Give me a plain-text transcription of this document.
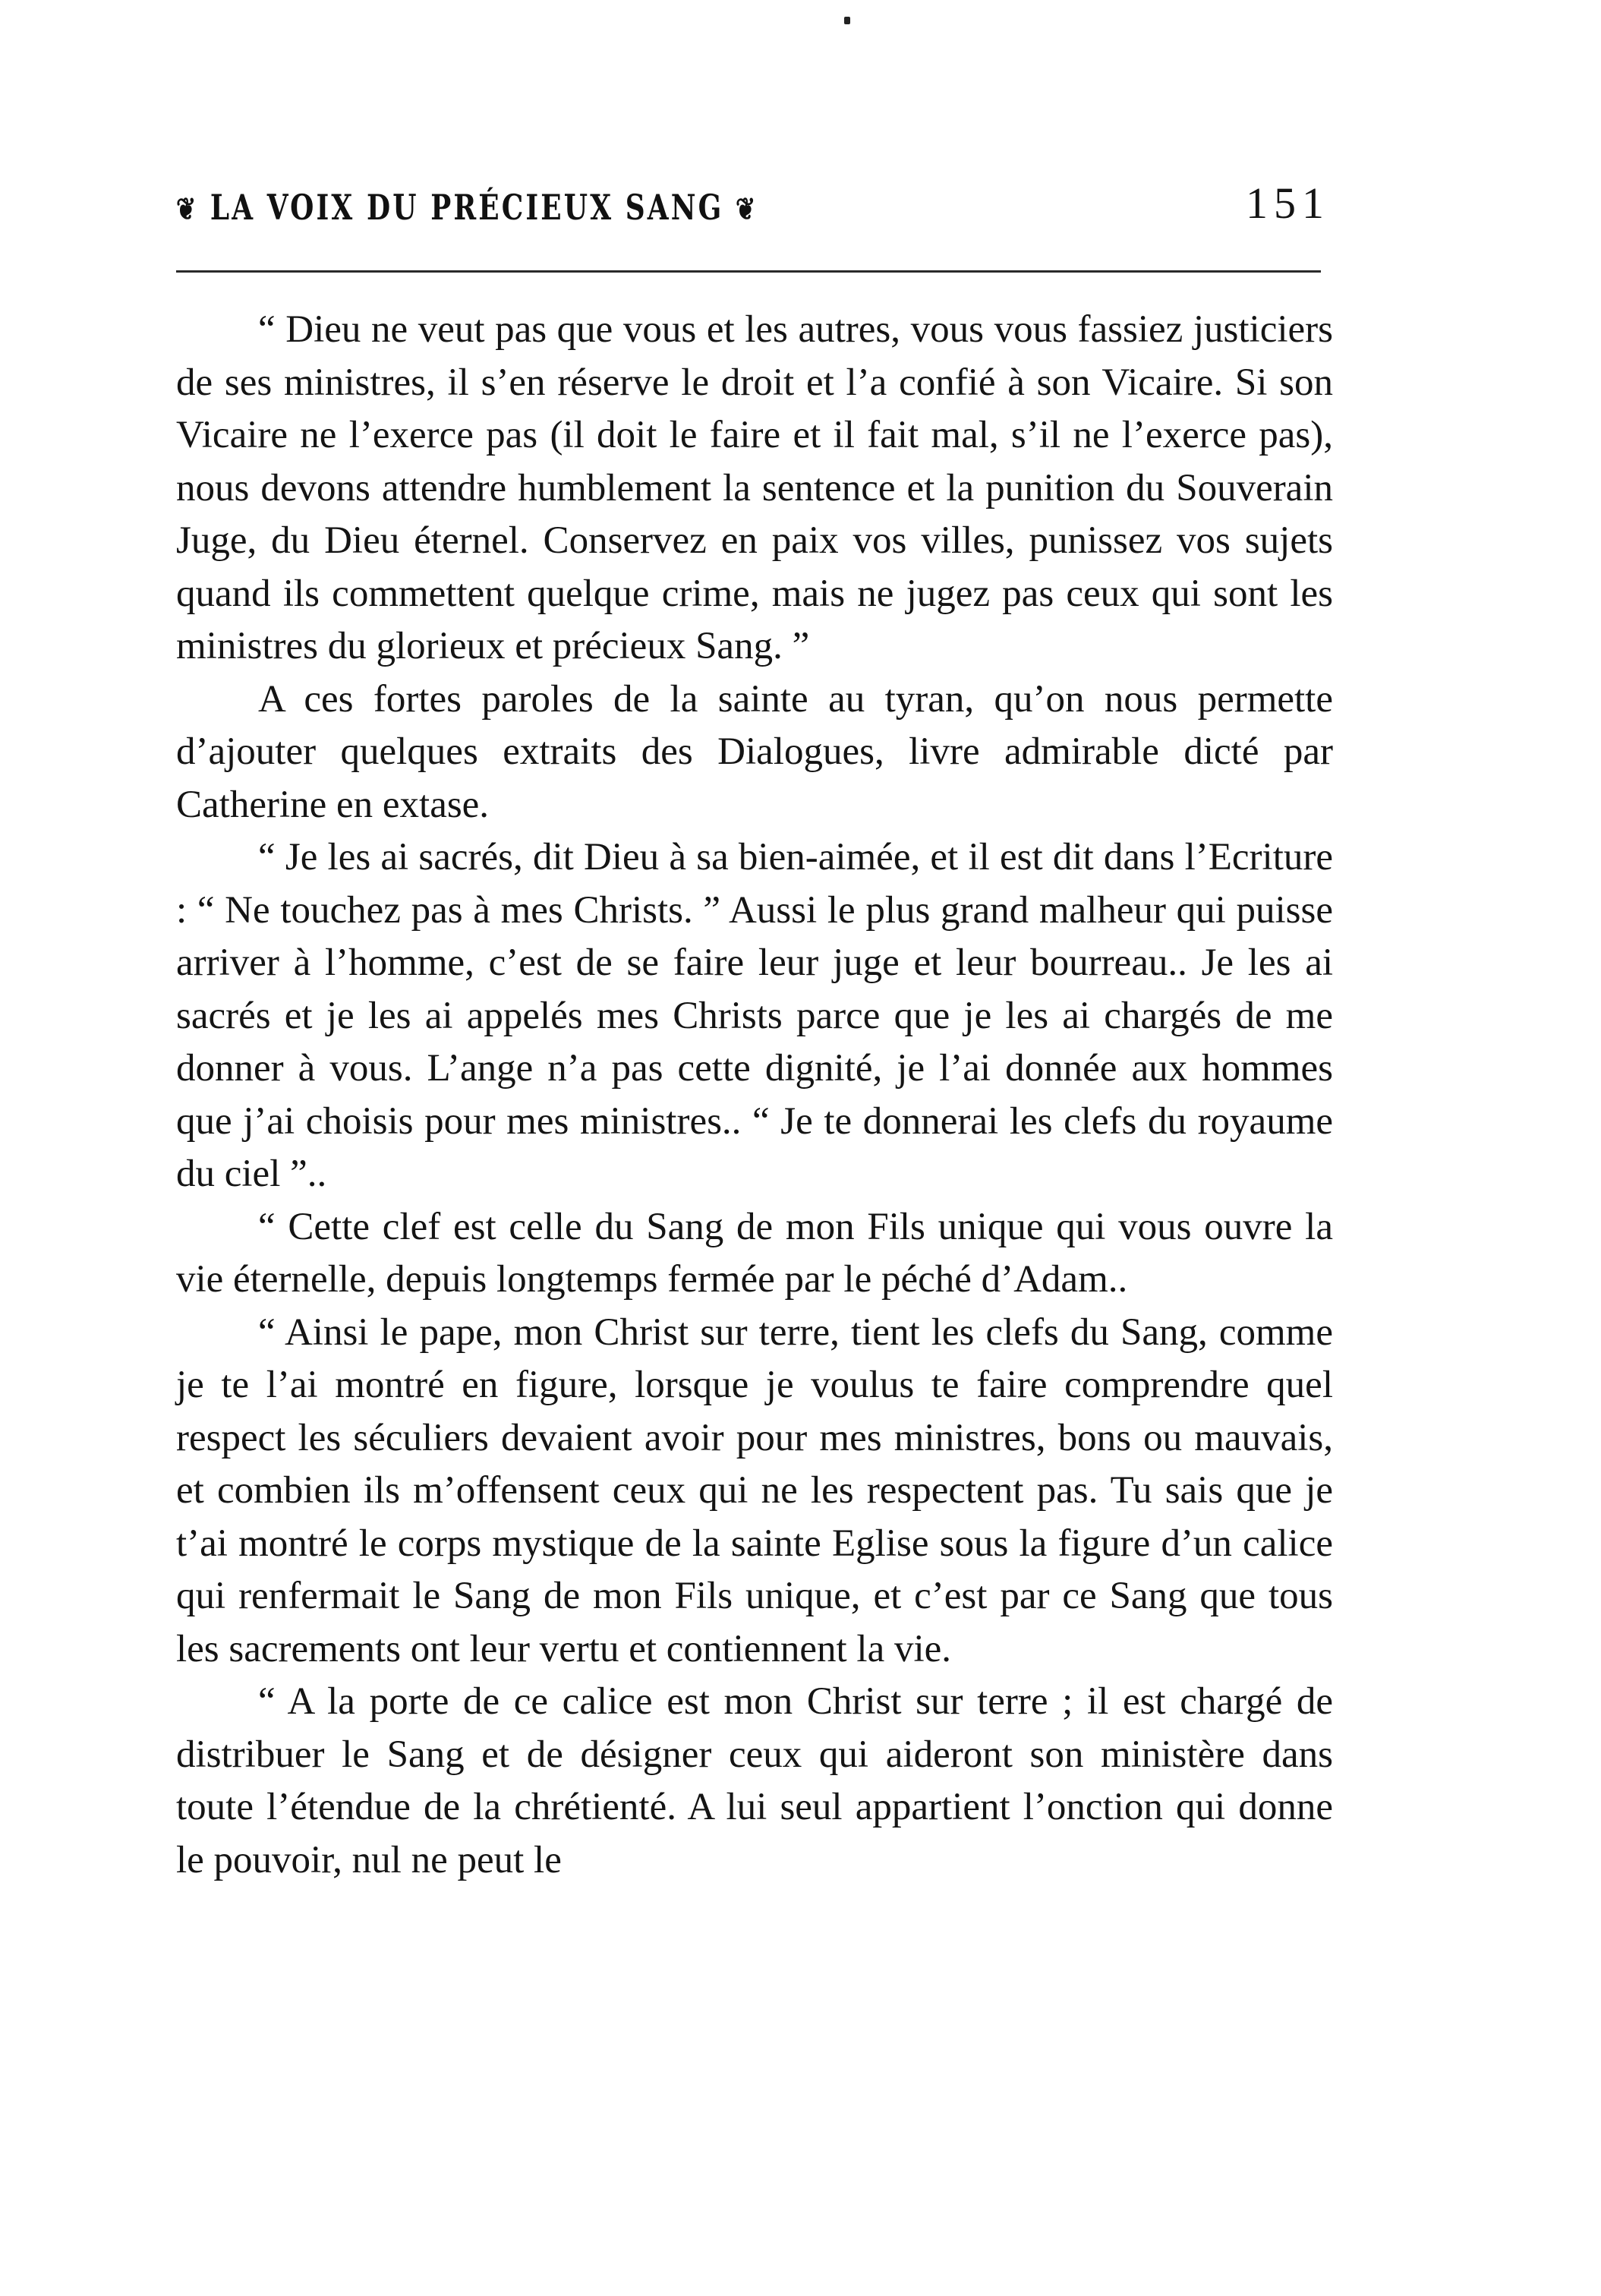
❦ LA VOIX DU PRÉCIEUX SANG ❦	151

“ Dieu ne veut pas que vous et les autres, vous vous fassiez justiciers de ses ministres, il s’en réserve le droit et l’a confié à son Vicaire. Si son Vicaire ne l’exerce pas (il doit le faire et il fait mal, s’il ne l’exerce pas), nous devons attendre humblement la sentence et la punition du Souverain Juge, du Dieu éternel. Conservez en paix vos villes, punissez vos sujets quand ils commettent quelque crime, mais ne jugez pas ceux qui sont les ministres du glorieux et précieux Sang. ”

A ces fortes paroles de la sainte au tyran, qu’on nous permette d’ajouter quelques extraits des Dialogues, livre admirable dicté par Catherine en extase.

“ Je les ai sacrés, dit Dieu à sa bien-aimée, et il est dit dans l’Ecriture : “ Ne touchez pas à mes Christs. ” Aussi le plus grand malheur qui puisse arriver à l’homme, c’est de se faire leur juge et leur bourreau.. Je les ai sacrés et je les ai appelés mes Christs parce que je les ai chargés de me donner à vous. L’ange n’a pas cette dignité, je l’ai donnée aux hommes que j’ai choisis pour mes ministres.. “ Je te donnerai les clefs du royaume du ciel ”..

“ Cette clef est celle du Sang de mon Fils unique qui vous ouvre la vie éternelle, depuis longtemps fermée par le péché d’Adam..

“ Ainsi le pape, mon Christ sur terre, tient les clefs du Sang, comme je te l’ai montré en figure, lorsque je voulus te faire comprendre quel respect les séculiers devaient avoir pour mes ministres, bons ou mauvais, et combien ils m’offensent ceux qui ne les respectent pas. Tu sais que je t’ai montré le corps mystique de la sainte Eglise sous la figure d’un calice qui renfermait le Sang de mon Fils unique, et c’est par ce Sang que tous les sacrements ont leur vertu et contiennent la vie.

“ A la porte de ce calice est mon Christ sur terre ; il est chargé de distribuer le Sang et de désigner ceux qui aideront son ministère dans toute l’étendue de la chrétienté. A lui seul appartient l’onction qui donne le pouvoir, nul ne peut le
